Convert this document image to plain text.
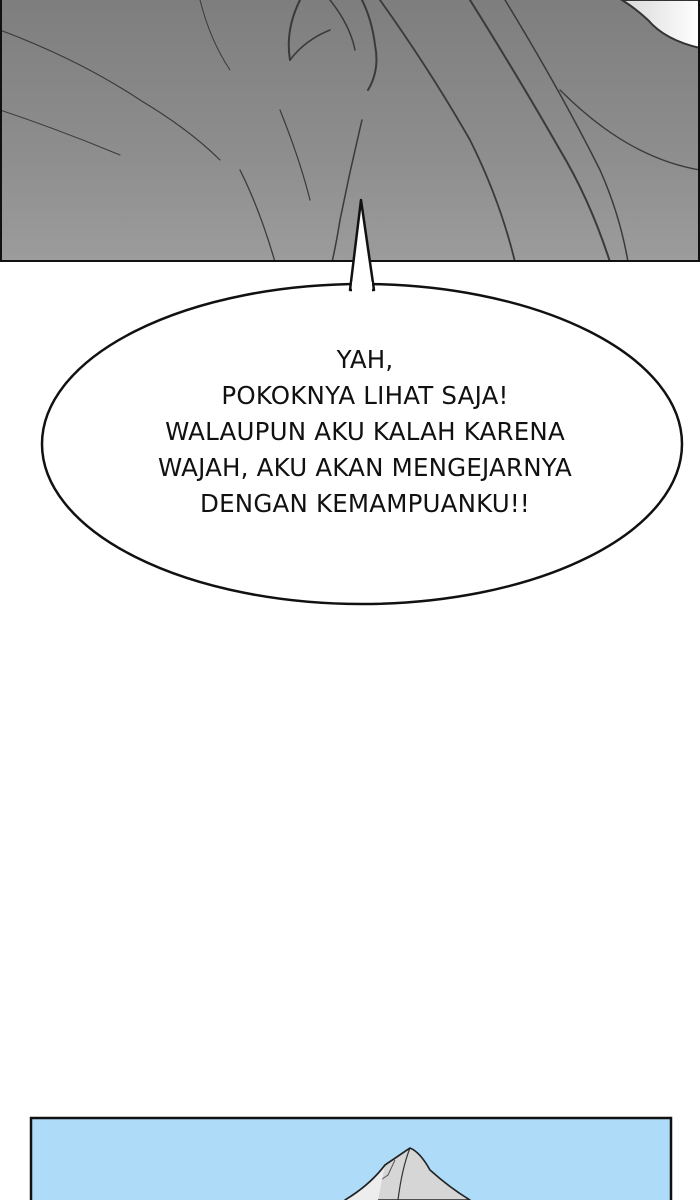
YAH,
POKOKNYA LIHAT SAJA!
WALAUPUN AKU KALAH KARENA
WAJAH, AKU AKAN MENGEJARNYA
DENGAN KEMAMPUANKU!!
